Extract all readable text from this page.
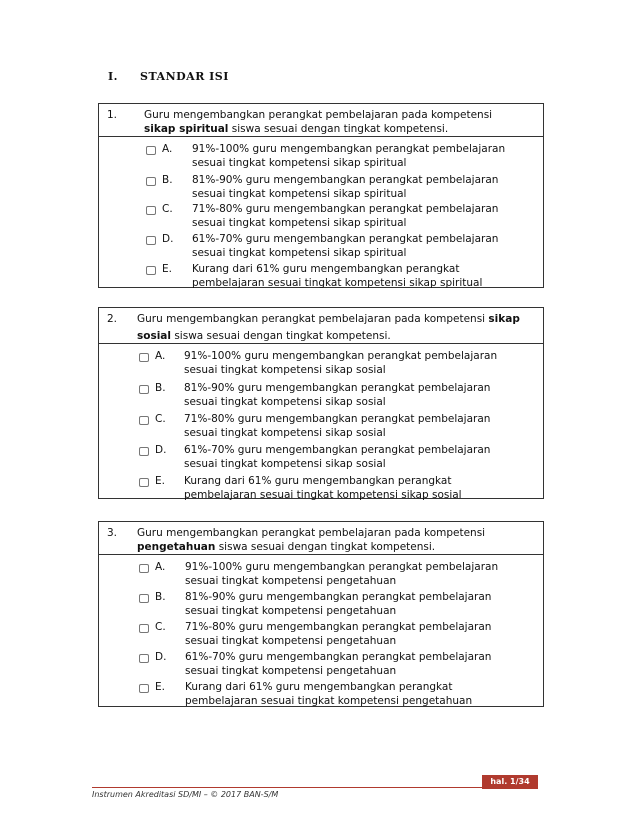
I. STANDAR ISI
1.	Guru mengembangkan perangkat pembelajaran pada kompetensi
sikap spiritual siswa sesuai dengan tingkat kompetensi.
A. 91%-100% guru mengembangkan perangkat pembelajaran
sesuai tingkat kompetensi sikap spiritual
B. 81%-90% guru mengembangkan perangkat pembelajaran
sesuai tingkat kompetensi sikap spiritual
C. 71%-80% guru mengembangkan perangkat pembelajaran
sesuai tingkat kompetensi sikap spiritual
D. 61%-70% guru mengembangkan perangkat pembelajaran
sesuai tingkat kompetensi sikap spiritual
E. Kurang dari 61% guru mengembangkan perangkat
pembelajaran sesuai tingkat kompetensi sikap spiritual
2. Guru mengembangkan perangkat pembelajaran pada kompetensi sikap sosial siswa sesuai dengan tingkat kompetensi.
A. 91%-100% guru mengembangkan perangkat pembelajaran
sesuai tingkat kompetensi sikap sosial
B. 81%-90% guru mengembangkan perangkat pembelajaran
sesuai tingkat kompetensi sikap sosial
C. 71%-80% guru mengembangkan perangkat pembelajaran
sesuai tingkat kompetensi sikap sosial
D. 61%-70% guru mengembangkan perangkat pembelajaran
sesuai tingkat kompetensi sikap sosial
E. Kurang dari 61% guru mengembangkan perangkat
pembelajaran sesuai tingkat kompetensi sikap sosial
3. Guru mengembangkan perangkat pembelajaran pada kompetensi
pengetahuan siswa sesuai dengan tingkat kompetensi.
A. 91%-100% guru mengembangkan perangkat pembelajaran
sesuai tingkat kompetensi pengetahuan
B. 81%-90% guru mengembangkan perangkat pembelajaran
sesuai tingkat kompetensi pengetahuan
C. 71%-80% guru mengembangkan perangkat pembelajaran
sesuai tingkat kompetensi pengetahuan
D. 61%-70% guru mengembangkan perangkat pembelajaran
sesuai tingkat kompetensi pengetahuan
E. Kurang dari 61% guru mengembangkan perangkat
pembelajaran sesuai tingkat kompetensi pengetahuan
hal. 1/34
Instrumen Akreditasi SD/MI – © 2017 BAN-S/M
